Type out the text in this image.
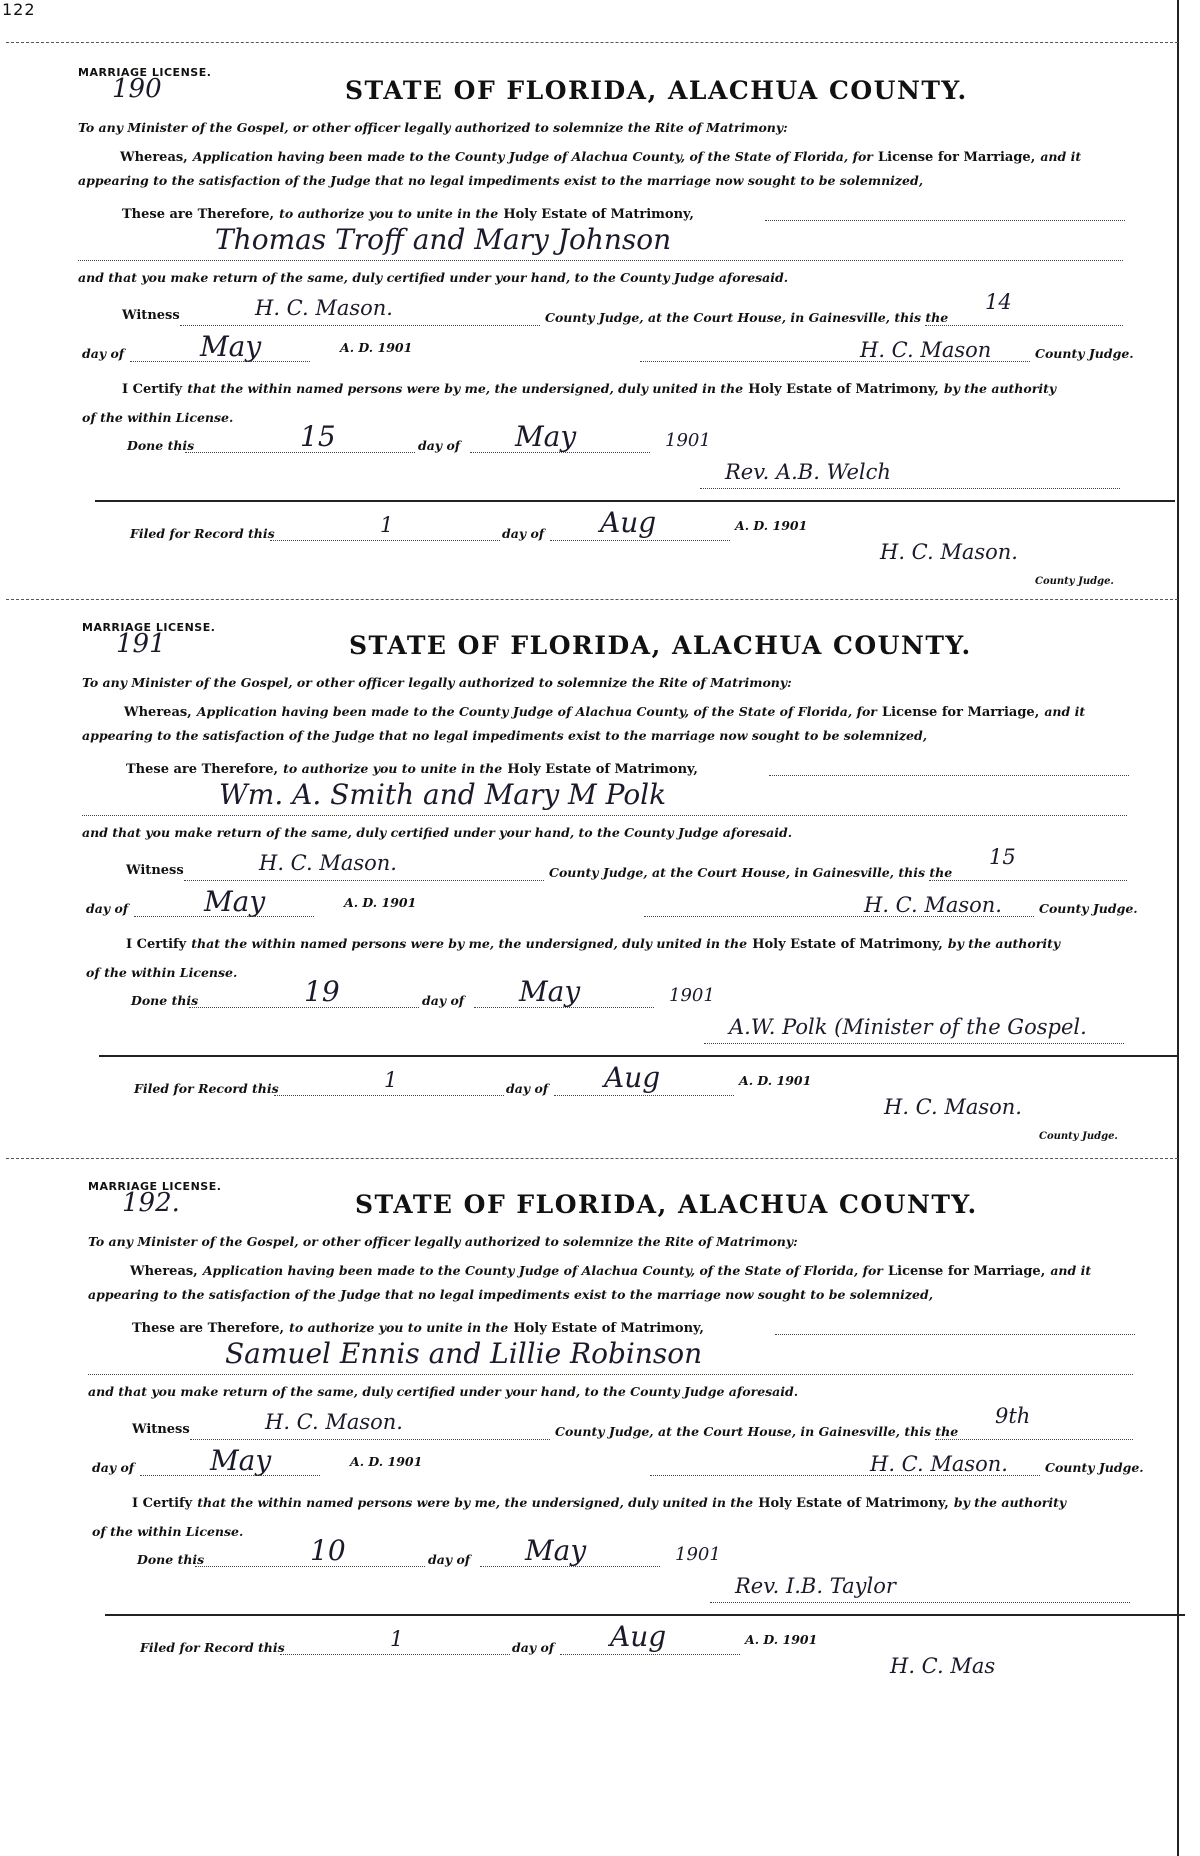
122
MARRIAGE LICENSE.
190	STATE OF FLORIDA, ALACHUA COUNTY.
To any Minister of the Gospel, or other officer legally authorized to solemnize the Rite of Matrimony:
Whereas, Application having been made to the County Judge of Alachua County, of the State of Florida, for License for Marriage, and it
appearing to the satisfaction of the Judge that no legal impediments exist to the marriage now sought to be solemnized,
These are Therefore, to authorize you to unite in the Holy Estate of Matrimony,
Thomas Troff and Mary Johnson
and that you make return of the same, duly certified under your hand, to the County Judge aforesaid.
Witness	H. C. Mason.	County Judge, at the Court House, in Gainesville, this the
14
day of	May	A. D. 1901	H. C. Mason	County Judge.
I Certify that the within named persons were by me, the undersigned, duly united in the Holy Estate of Matrimony, by the authority
of the within License.
Done this	15	day of May	1901
Rev. A.B. Welch
Filed for Record this	1	day of Aug	A. D. 1901
H. C. Mason.
County Judge.
MARRIAGE LICENSE.
191	STATE OF FLORIDA, ALACHUA COUNTY.
To any Minister of the Gospel, or other officer legally authorized to solemnize the Rite of Matrimony:
Whereas, Application having been made to the County Judge of Alachua County, of the State of Florida, for License for Marriage, and it
appearing to the satisfaction of the Judge that no legal impediments exist to the marriage now sought to be solemnized,
These are Therefore, to authorize you to unite in the Holy Estate of Matrimony,
Wm. A. Smith and Mary M Polk
and that you make return of the same, duly certified under your hand, to the County Judge aforesaid.
Witness	H. C. Mason.	County Judge, at the Court House, in Gainesville, this the
15
day of	May	A. D. 1901	H. C. Mason.	County Judge.
I Certify that the within named persons were by me, the undersigned, duly united in the Holy Estate of Matrimony, by the authority
of the within License.
Done this	19	day of May	1901
A.W. Polk (Minister of the Gospel.
Filed for Record this	1	day of Aug	A. D. 1901
H. C. Mason.
County Judge.
MARRIAGE LICENSE.
192.	STATE OF FLORIDA, ALACHUA COUNTY.
To any Minister of the Gospel, or other officer legally authorized to solemnize the Rite of Matrimony:
Whereas, Application having been made to the County Judge of Alachua County, of the State of Florida, for License for Marriage, and it
appearing to the satisfaction of the Judge that no legal impediments exist to the marriage now sought to be solemnized,
These are Therefore, to authorize you to unite in the Holy Estate of Matrimony,
Samuel Ennis and Lillie Robinson
and that you make return of the same, duly certified under your hand, to the County Judge aforesaid.
Witness	H. C. Mason.	County Judge, at the Court House, in Gainesville, this the
9th
day of	May	A. D. 1901	H. C. Mason.	County Judge.
I Certify that the within named persons were by me, the undersigned, duly united in the Holy Estate of Matrimony, by the authority
of the within License.
Done this	10	day of May	1901
Rev. I.B. Taylor
Filed for Record this	1	day of Aug	A. D. 1901
H. C. Mas
